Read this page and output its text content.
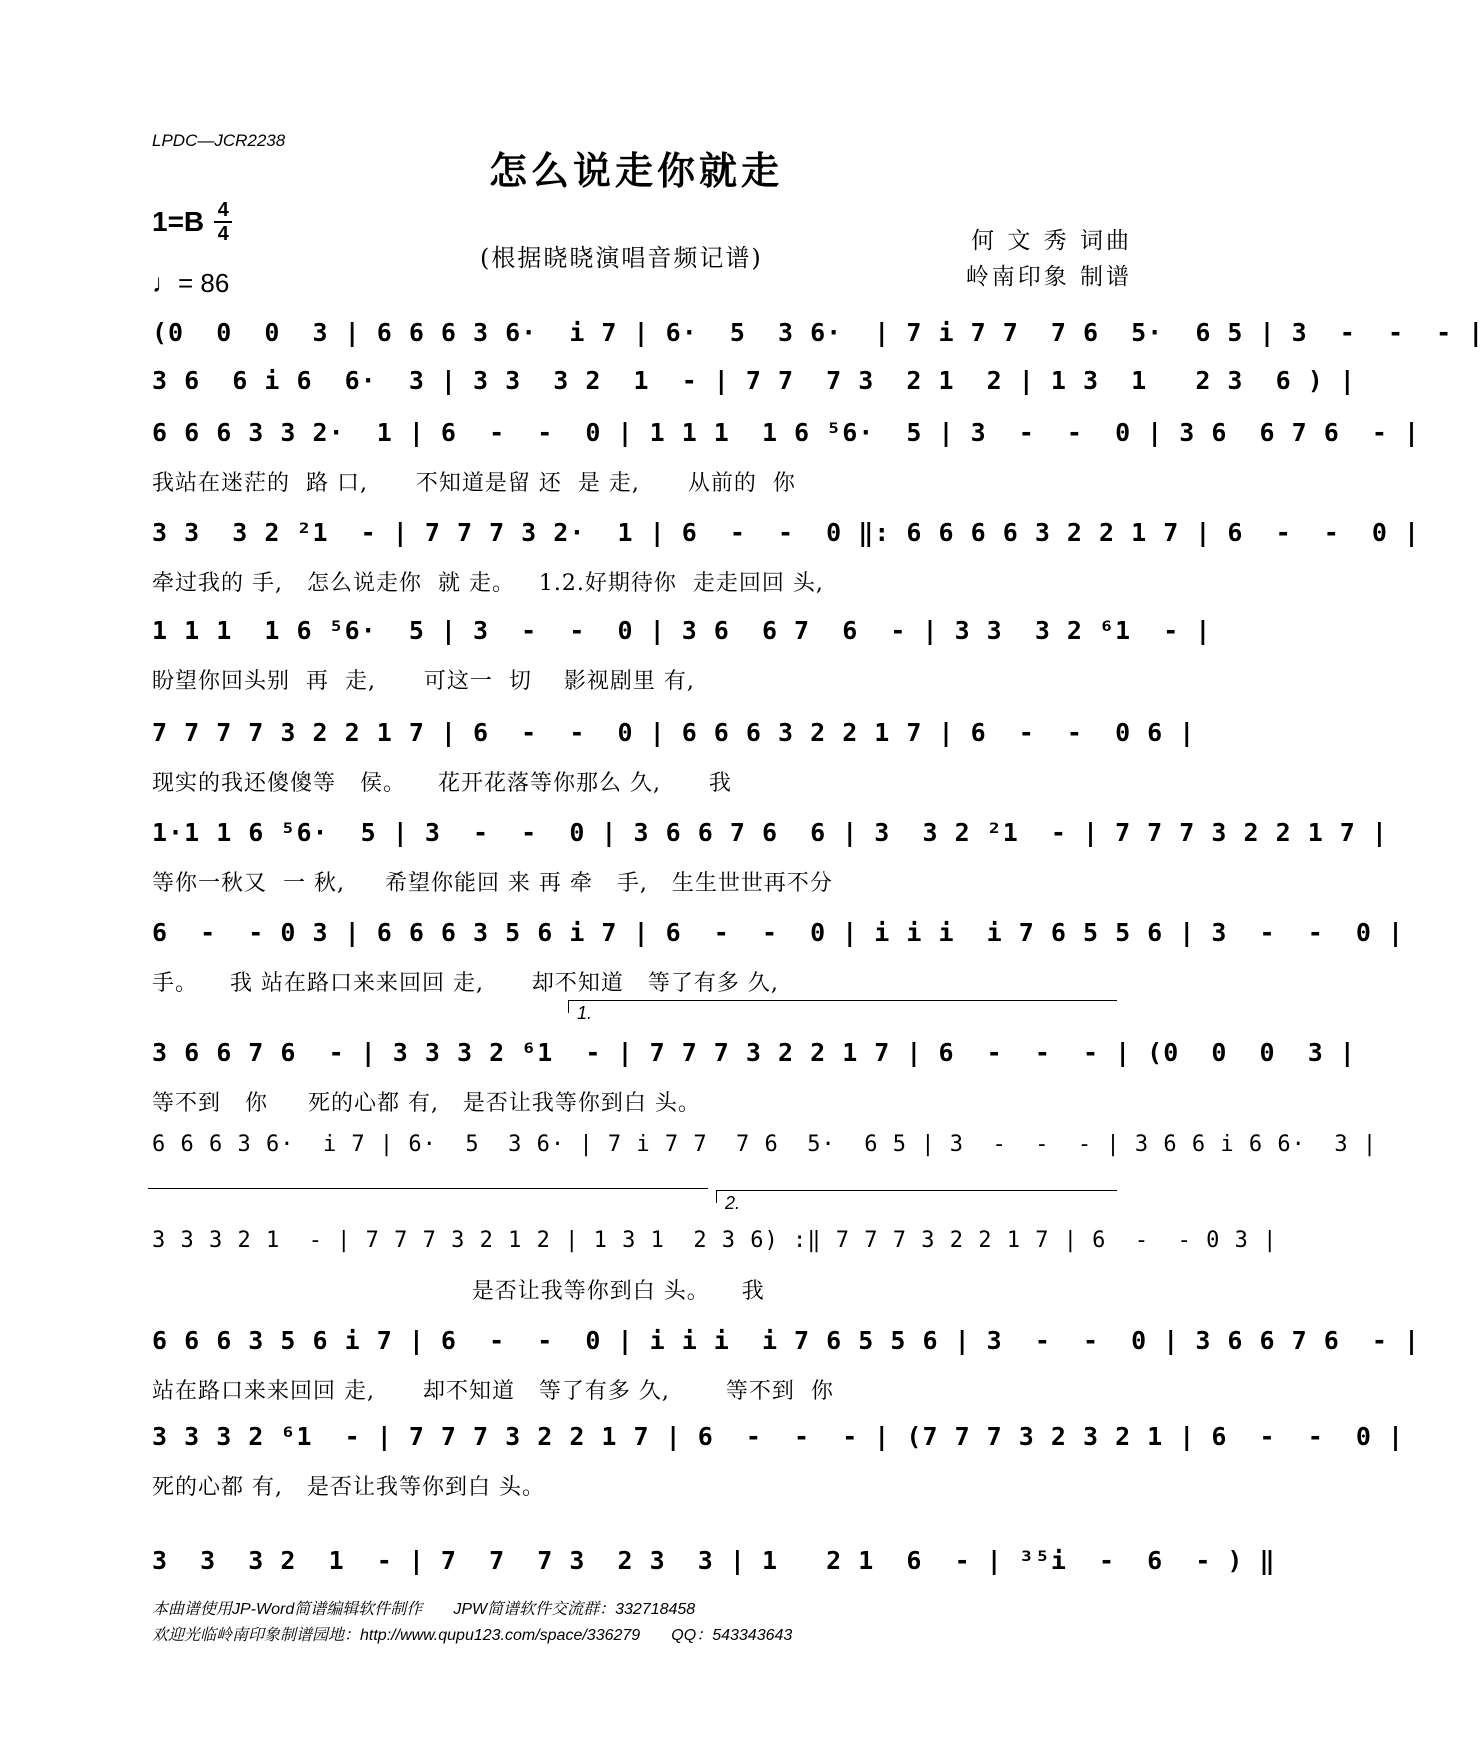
LPDC—JCR2238
怎么说走你就走
1=B 4
4
♩= 86
(根据晓晓演唱音频记谱)
何 文 秀 词曲
岭南印象 制谱
(0  0  0  3 | 6 6 6 3 6·  i 7 | 6·  5  3 6·  | 7 i 7 7  7 6  5·  6 5 | 3  -  -  - |
3 6  6 i 6  6·  3 | 3 3  3 2  1  - | 7 7  7 3  2 1  2 | 1 3  1   2 3  6 ) |
6 6 6 3 3 2·  1 | 6  -  -  0 | 1 1 1  1 6 ⁵6·  5 | 3  -  -  0 | 3 6  6 7 6  - |
我站在迷茫的  路 口,      不知道是留 还  是 走,      从前的  你
3 3  3 2 ²1  - | 7 7 7 3 2·  1 | 6  -  -  0 ‖: 6 6 6 6 3 2 2 1 7 | 6  -  -  0 |
牵过我的 手,   怎么说走你  就 走。   1.2.好期待你  走走回回 头,
1 1 1  1 6 ⁵6·  5 | 3  -  -  0 | 3 6  6 7  6  - | 3 3  3 2 ⁶1  - |
盼望你回头别  再  走,      可这一  切    影视剧里 有,
7 7 7 7 3 2 2 1 7 | 6  -  -  0 | 6 6 6 3 2 2 1 7 | 6  -  -  0 6 |
现实的我还傻傻等   侯。    花开花落等你那么 久,      我
1·1 1 6 ⁵6·  5 | 3  -  -  0 | 3 6 6 7 6  6 | 3  3 2 ²1  - | 7 7 7 3 2 2 1 7 |
等你一秋又  一 秋,     希望你能回 来 再 牵   手,   生生世世再不分
6  -  - 0 3 | 6 6 6 3 5 6 i 7 | 6  -  -  0 | i i i  i 7 6 5 5 6 | 3  -  -  0 |
手。    我 站在路口来来回回 走,      却不知道   等了有多 久,
1.
3 6 6 7 6  - | 3 3 3 2 ⁶1  - | 7 7 7 3 2 2 1 7 | 6  -  -  - | (0  0  0  3 |
等不到   你     死的心都 有,   是否让我等你到白 头。
6 6 6 3 6·  i 7 | 6·  5  3 6· | 7 i 7 7  7 6  5·  6 5 | 3  -  -  - | 3 6 6 i 6 6·  3 |
2.
3 3 3 2 1  - | 7 7 7 3 2 1 2 | 1 3 1  2 3 6) :‖ 7 7 7 3 2 2 1 7 | 6  -  - 0 3 |
是否让我等你到白 头。    我
6 6 6 3 5 6 i 7 | 6  -  -  0 | i i i  i 7 6 5 5 6 | 3  -  -  0 | 3 6 6 7 6  - |
站在路口来来回回 走,      却不知道   等了有多 久,       等不到  你
3 3 3 2 ⁶1  - | 7 7 7 3 2 2 1 7 | 6  -  -  - | (7 7 7 3 2 3 2 1 | 6  -  -  0 |
死的心都 有,   是否让我等你到白 头。
3  3  3 2  1  - | 7  7  7 3  2 3  3 | 1   2 1  6  - | ³⁵i  -  6  - ) ‖
本曲谱使用JP-Word简谱编辑软件制作       JPW简谱软件交流群：332718458
欢迎光临岭南印象制谱园地：http://www.qupu123.com/space/336279       QQ：543343643
